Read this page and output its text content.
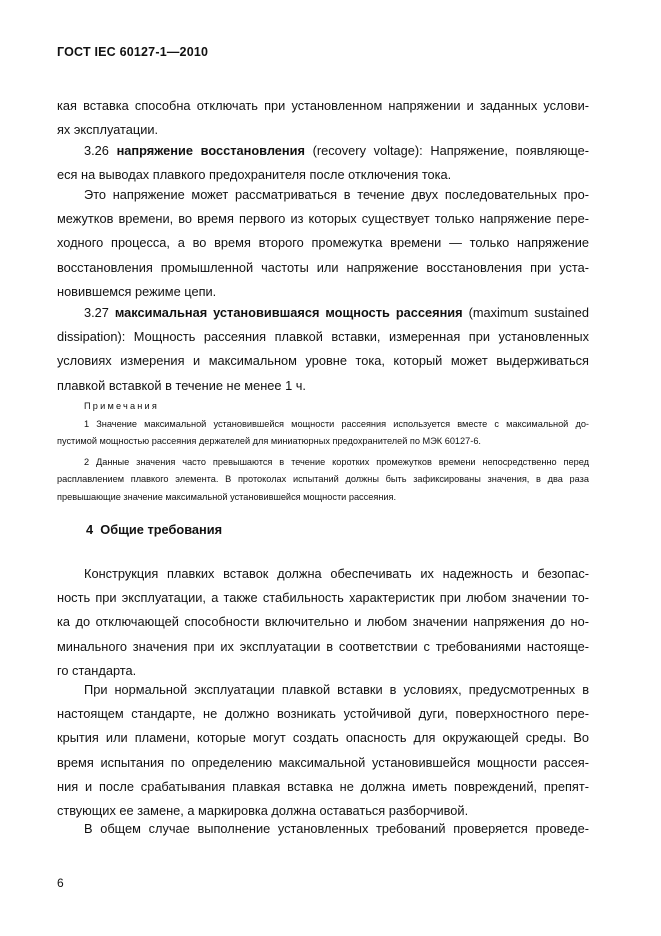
ГОСТ IEC 60127-1—2010
кая вставка способна отключать при установленном напряжении и заданных услови-
ях эксплуатации.
3.26 напряжение восстановления (recovery voltage): Напряжение, появляюще-
еся на выводах плавкого предохранителя после отключения тока.
Это напряжение может рассматриваться в течение двух последовательных про-
межутков времени, во время первого из которых существует только напряжение пере-
ходного процесса, а во время второго промежутка времени — только напряжение
восстановления промышленной частоты или напряжение восстановления при уста-
новившемся режиме цепи.
3.27 максимальная установившаяся мощность рассеяния (maximum sustained
dissipation): Мощность рассеяния плавкой вставки, измеренная при установленных
условиях измерения и максимальном уровне тока, который может выдерживаться
плавкой вставкой в течение не менее 1 ч.
Примечания
1 Значение максимальной установившейся мощности рассеяния используется вместе с максимальной до-
пустимой мощностью рассеяния держателей для миниатюрных предохранителей по МЭК 60127-6.
2 Данные значения часто превышаются в течение коротких промежутков времени непосредственно перед
расплавлением плавкого элемента. В протоколах испытаний должны быть зафиксированы значения, в два раза
превышающие значение максимальной установившейся мощности рассеяния.
4 Общие требования
Конструкция плавких вставок должна обеспечивать их надежность и безопас-
ность при эксплуатации, а также стабильность характеристик при любом значении то-
ка до отключающей способности включительно и любом значении напряжения до но-
минального значения при их эксплуатации в соответствии с требованиями настояще-
го стандарта.
При нормальной эксплуатации плавкой вставки в условиях, предусмотренных в
настоящем стандарте, не должно возникать устойчивой дуги, поверхностного пере-
крытия или пламени, которые могут создать опасность для окружающей среды. Во
время испытания по определению максимальной установившейся мощности рассея-
ния и после срабатывания плавкая вставка не должна иметь повреждений, препят-
ствующих ее замене, а маркировка должна оставаться разборчивой.
В общем случае выполнение установленных требований проверяется проведе-
6
